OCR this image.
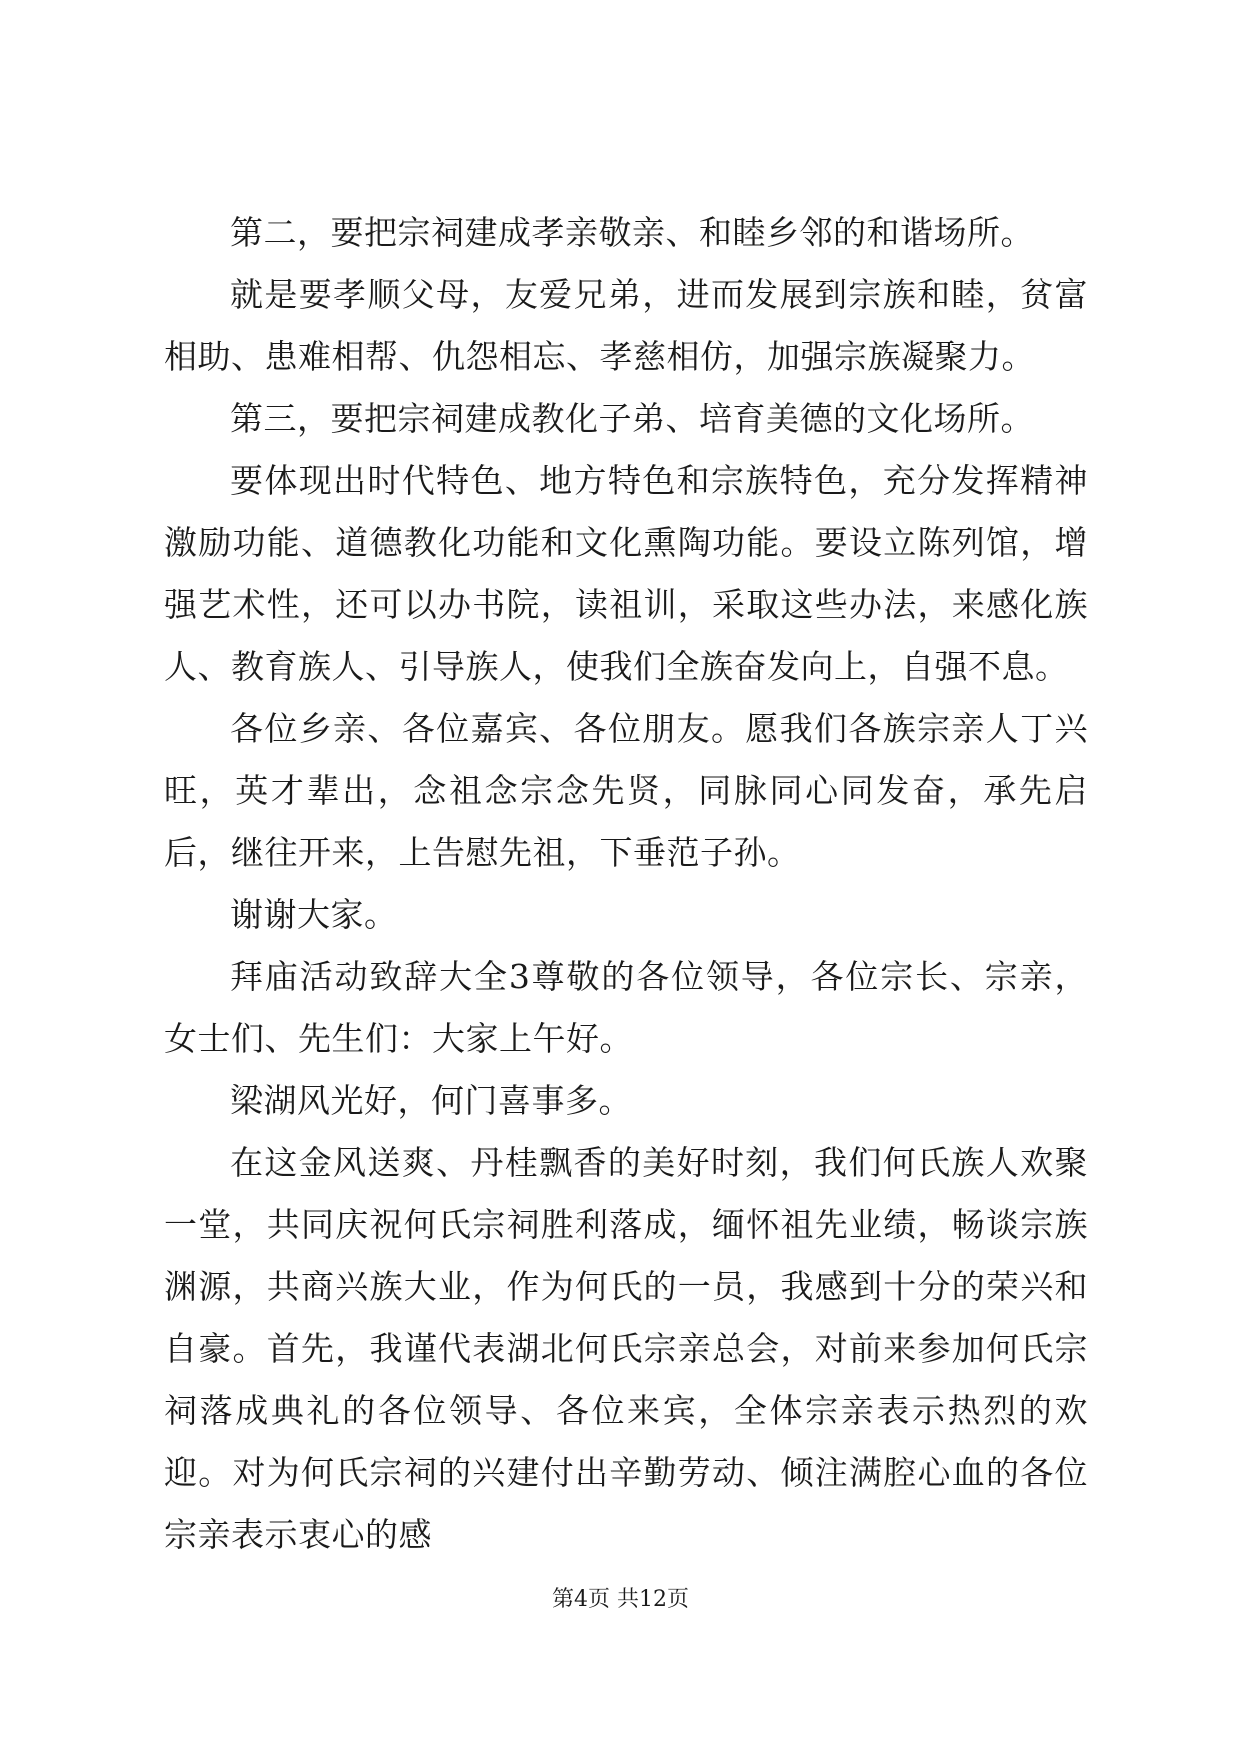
第二，要把宗祠建成孝亲敬亲、和睦乡邻的和谐场所。

就是要孝顺父母，友爱兄弟，进而发展到宗族和睦，贫富相助、患难相帮、仇怨相忘、孝慈相仿，加强宗族凝聚力。

第三，要把宗祠建成教化子弟、培育美德的文化场所。

要体现出时代特色、地方特色和宗族特色，充分发挥精神激励功能、道德教化功能和文化熏陶功能。要设立陈列馆，增强艺术性，还可以办书院，读祖训，采取这些办法，来感化族人、教育族人、引导族人，使我们全族奋发向上，自强不息。

各位乡亲、各位嘉宾、各位朋友。愿我们各族宗亲人丁兴旺，英才辈出，念祖念宗念先贤，同脉同心同发奋，承先启后，继往开来，上告慰先祖，下垂范子孙。

谢谢大家。

拜庙活动致辞大全3尊敬的各位领导，各位宗长、宗亲，女士们、先生们：大家上午好。

梁湖风光好，何门喜事多。

在这金风送爽、丹桂飘香的美好时刻，我们何氏族人欢聚一堂，共同庆祝何氏宗祠胜利落成，缅怀祖先业绩，畅谈宗族渊源，共商兴族大业，作为何氏的一员，我感到十分的荣兴和自豪。首先，我谨代表湖北何氏宗亲总会，对前来参加何氏宗祠落成典礼的各位领导、各位来宾，全体宗亲表示热烈的欢迎。对为何氏宗祠的兴建付出辛勤劳动、倾注满腔心血的各位宗亲表示衷心的感

第4页 共12页
